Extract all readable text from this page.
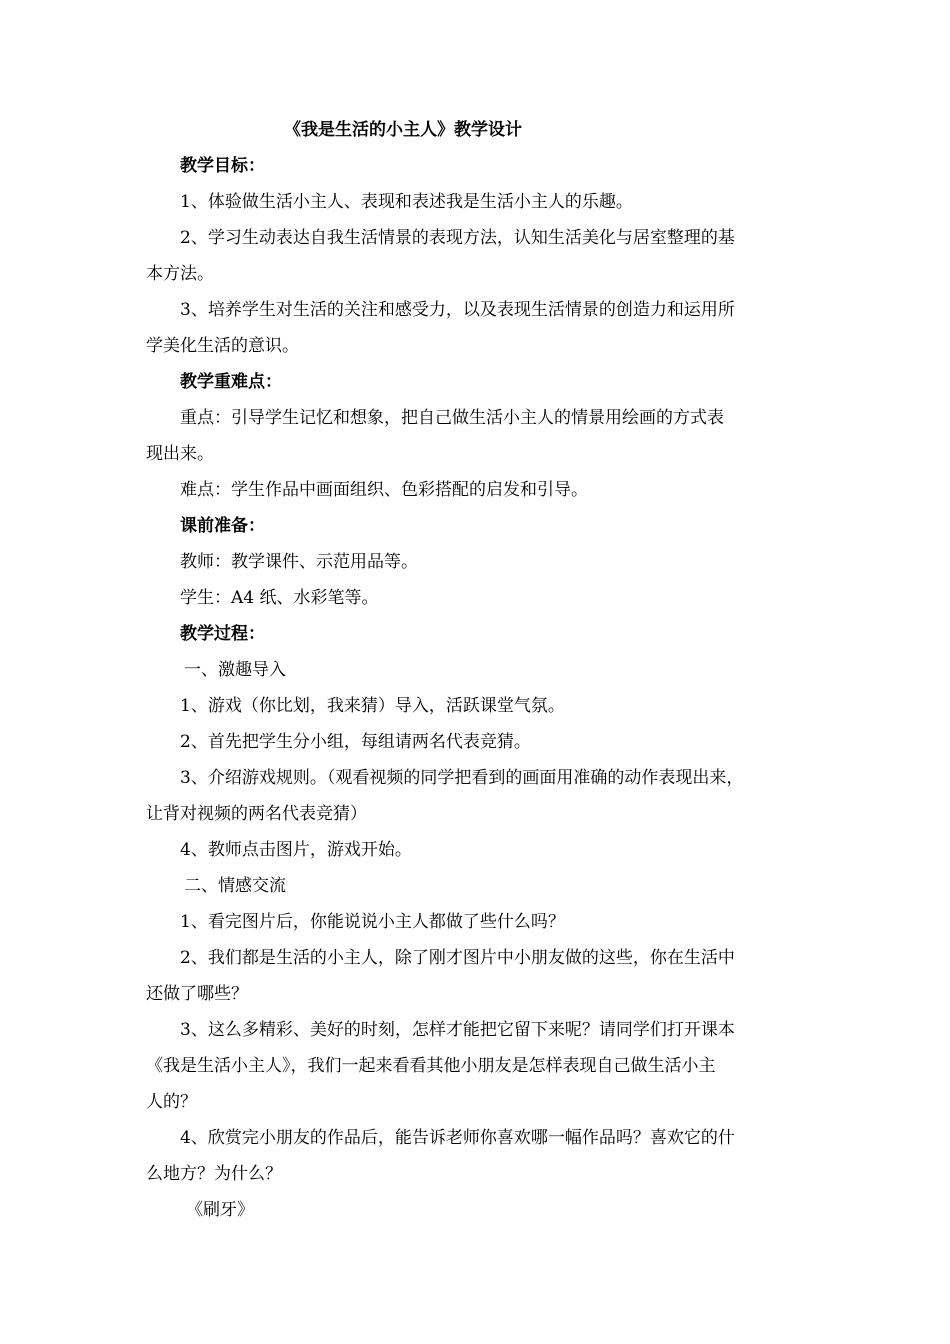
《我是生活的小主人》教学设计

教学目标：

1、体验做生活小主人、表现和表述我是生活小主人的乐趣。

2、学习生动表达自我生活情景的表现方法，认知生活美化与居室整理的基

本方法。

3、培养学生对生活的关注和感受力，以及表现生活情景的创造力和运用所

学美化生活的意识。

教学重难点：

重点：引导学生记忆和想象，把自己做生活小主人的情景用绘画的方式表

现出来。

难点：学生作品中画面组织、色彩搭配的启发和引导。

课前准备：

教师：教学课件、示范用品等。

学生：A4 纸、水彩笔等。

教学过程：

一、激趣导入

1、游戏（你比划，我来猜）导入，活跃课堂气氛。

2、首先把学生分小组，每组请两名代表竞猜。

3、介绍游戏规则。（观看视频的同学把看到的画面用准确的动作表现出来，

让背对视频的两名代表竞猜）

4、教师点击图片，游戏开始。

二、情感交流

1、看完图片后，你能说说小主人都做了些什么吗？

2、我们都是生活的小主人，除了刚才图片中小朋友做的这些，你在生活中

还做了哪些？

3、这么多精彩、美好的时刻，怎样才能把它留下来呢？请同学们打开课本

《我是生活小主人》，我们一起来看看其他小朋友是怎样表现自己做生活小主

人的？

4、欣赏完小朋友的作品后，能告诉老师你喜欢哪一幅作品吗？喜欢它的什

么地方？为什么？

《刷牙》
